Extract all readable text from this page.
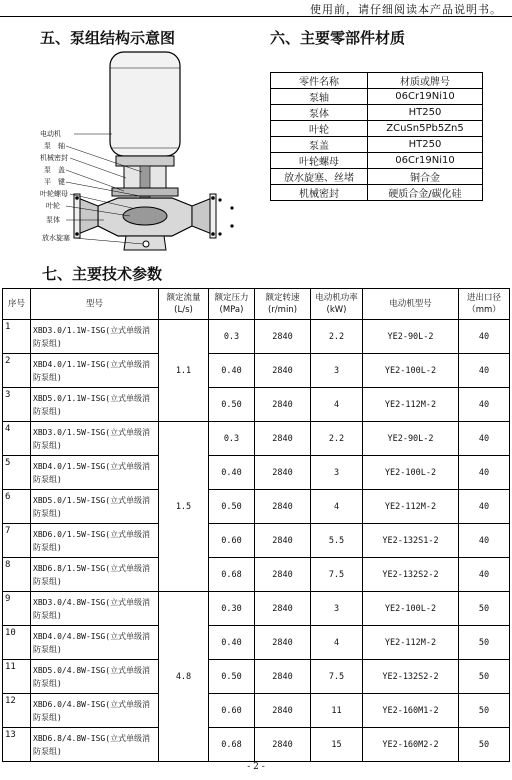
使用前，请仔细阅读本产品说明书。
五、泵组结构示意图	六、主要零部件材质
电动机
泵　轴
机械密封
泵　盖
平　键
叶轮螺母
叶轮
泵体
放水旋塞
零件名称	材质或牌号
泵轴	06Cr19Ni10
泵体	HT250
叶轮	ZCuSn5Pb5Zn5
泵盖	HT250
叶轮螺母	06Cr19Ni10
放水旋塞、丝堵	铜合金
机械密封	硬质合金/碳化硅
七、主要技术参数
序号	型号	额定流量(L/s)	额定压力(MPa)	额定转速(r/min)	电动机功率(kW)	电动机型号	进出口径（mm）
1	XBD3.0/1.1W-ISG(立式单级消防泵组)	1.1	0.3	2840	2.2	YE2-90L-2	40
2	XBD4.0/1.1W-ISG(立式单级消防泵组)		0.40	2840	3	YE2-100L-2	40
3	XBD5.0/1.1W-ISG(立式单级消防泵组)		0.50	2840	4	YE2-112M-2	40
4	XBD3.0/1.5W-ISG(立式单级消防泵组)	1.5	0.3	2840	2.2	YE2-90L-2	40
5	XBD4.0/1.5W-ISG(立式单级消防泵组)		0.40	2840	3	YE2-100L-2	40
6	XBD5.0/1.5W-ISG(立式单级消防泵组)		0.50	2840	4	YE2-112M-2	40
7	XBD6.0/1.5W-ISG(立式单级消防泵组)		0.60	2840	5.5	YE2-132S1-2	40
8	XBD6.8/1.5W-ISG(立式单级消防泵组)		0.68	2840	7.5	YE2-132S2-2	40
9	XBD3.0/4.8W-ISG(立式单级消防泵组)	4.8	0.30	2840	3	YE2-100L-2	50
10	XBD4.0/4.8W-ISG(立式单级消防泵组)		0.40	2840	4	YE2-112M-2	50
11	XBD5.0/4.8W-ISG(立式单级消防泵组)		0.50	2840	7.5	YE2-132S2-2	50
12	XBD6.0/4.8W-ISG(立式单级消防泵组)		0.60	2840	11	YE2-160M1-2	50
13	XBD6.8/4.8W-ISG(立式单级消防泵组)		0.68	2840	15	YE2-160M2-2	50
- 2 -
